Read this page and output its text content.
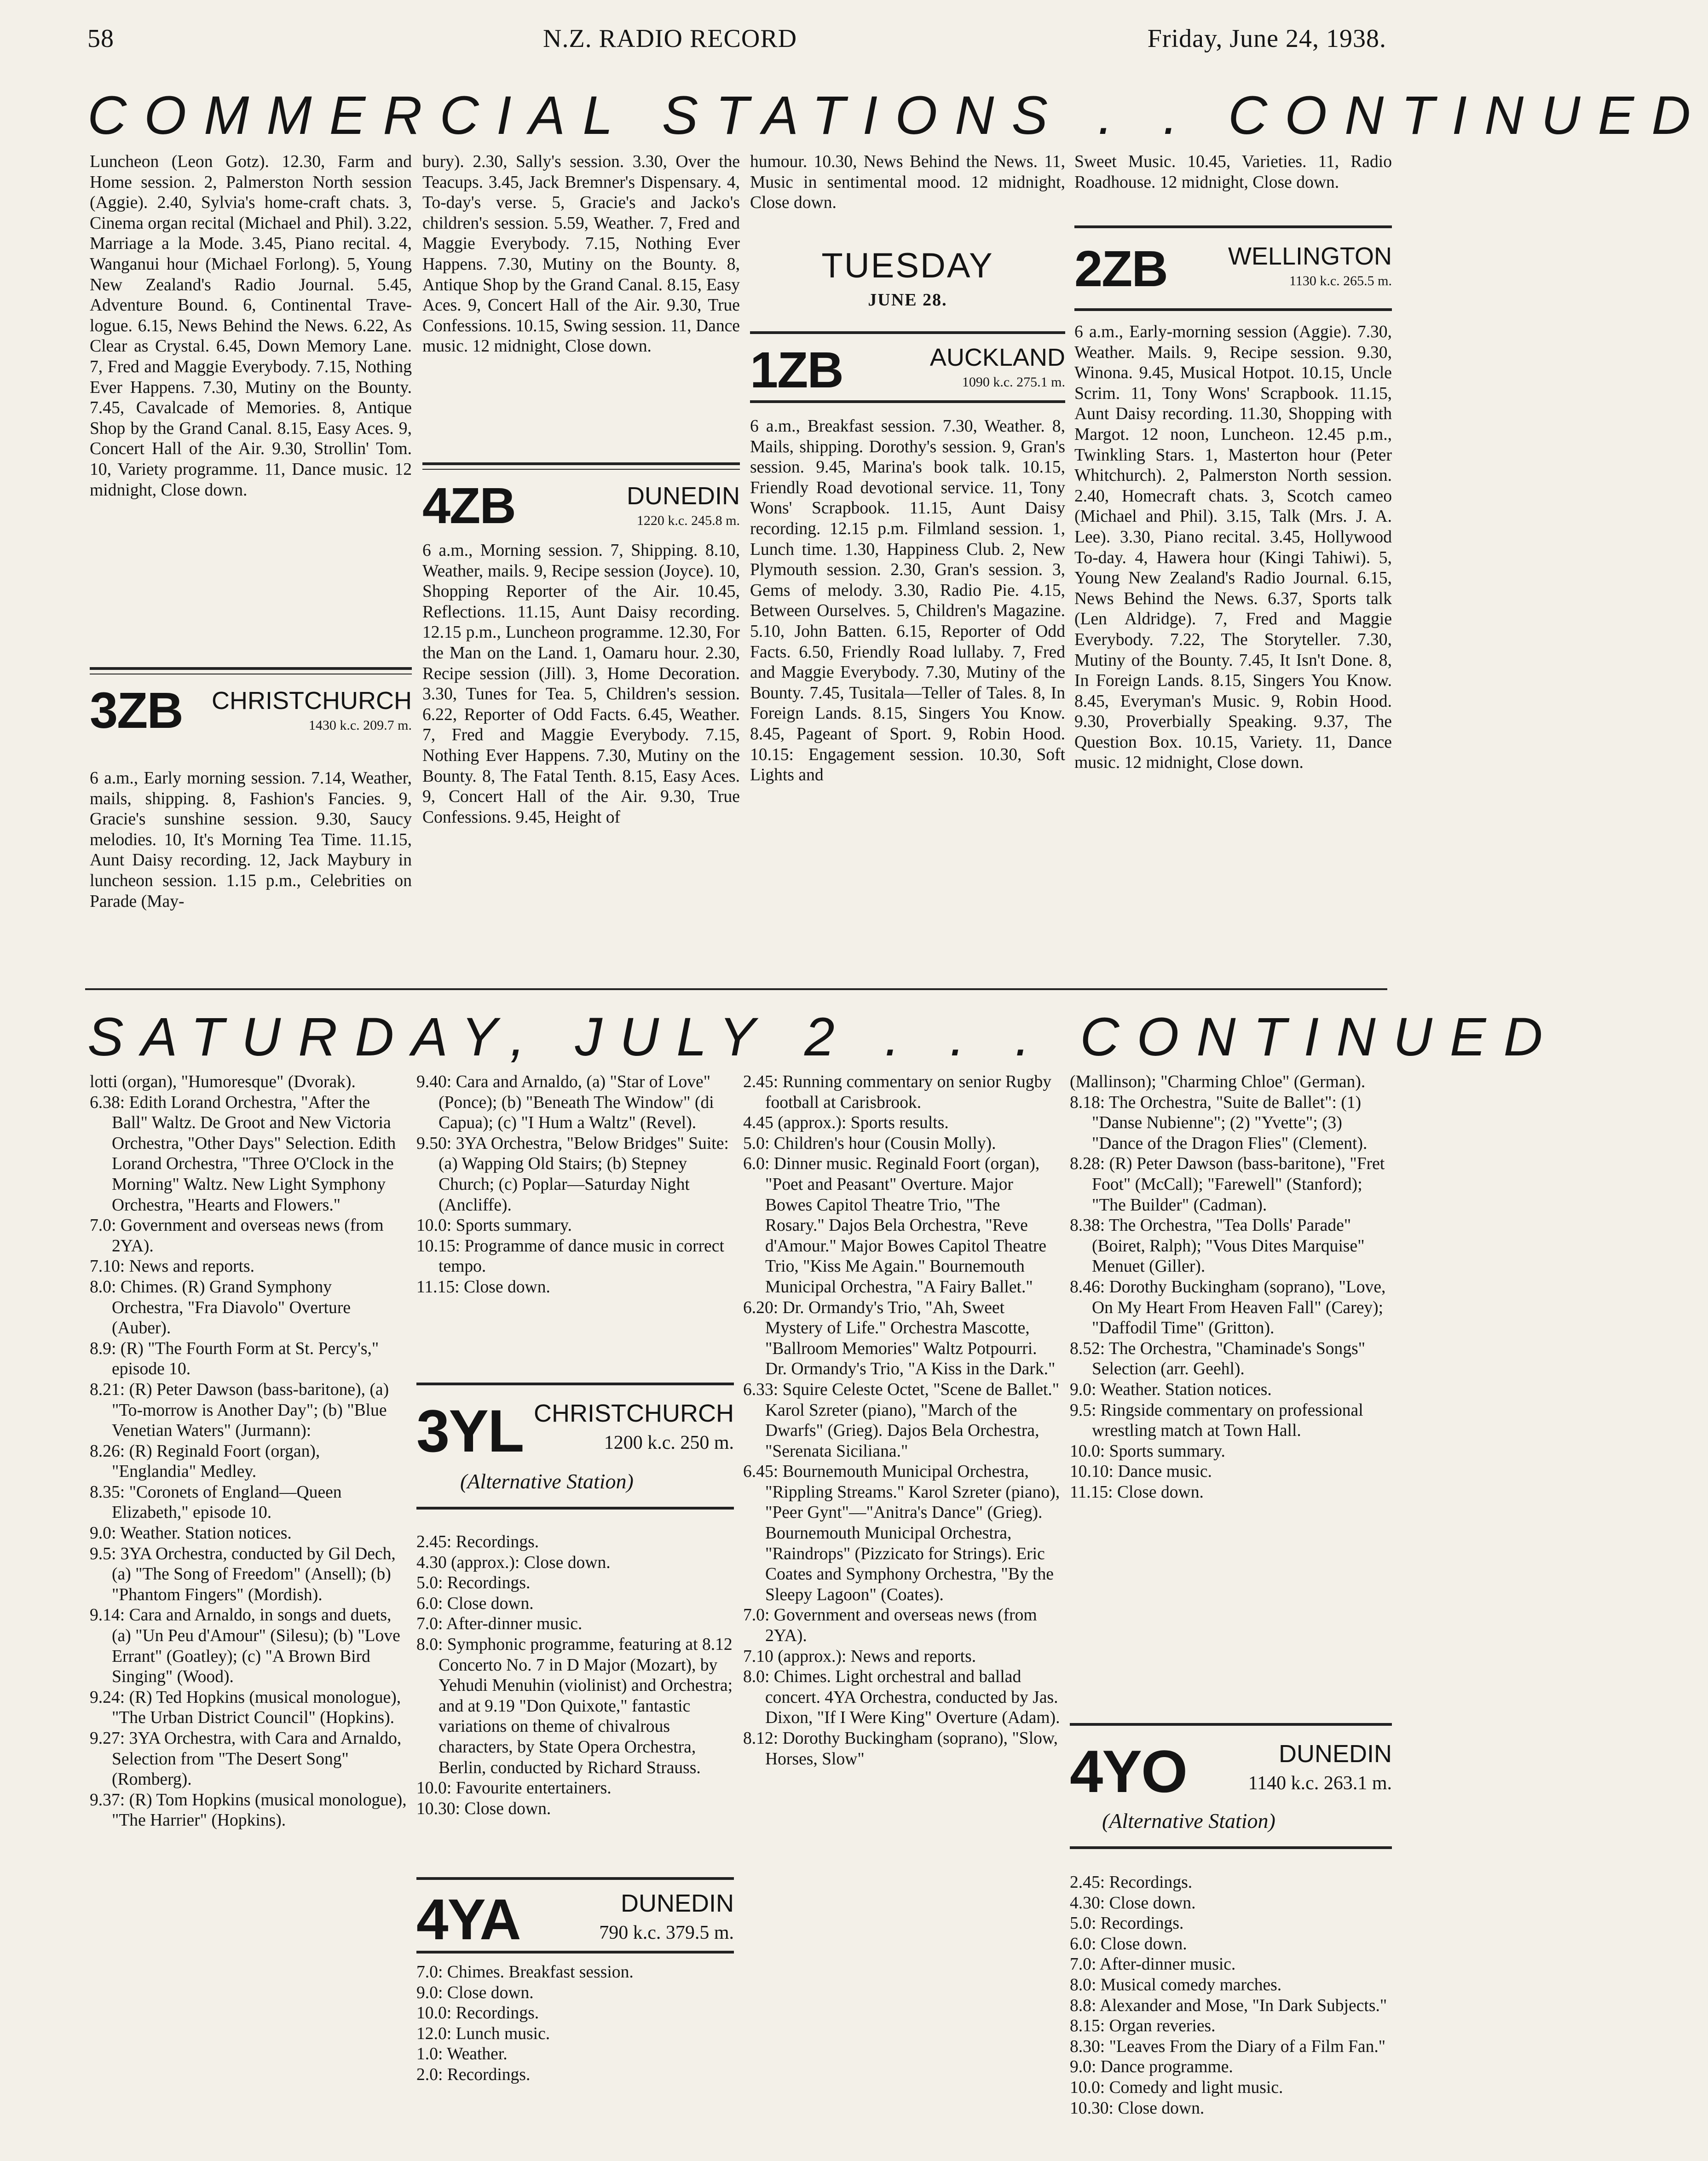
58	N.Z. RADIO RECORD	Friday, June 24, 1938.
COMMERCIAL STATIONS . . CONTINUED

Luncheon (Leon Gotz). 12.30, Farm and Home session. 2, Palmerston North session (Aggie). 2.40, Sylvia's home-craft chats. 3, Cinema organ recital (Michael and Phil). 3.22, Marriage a la Mode. 3.45, Piano recital. 4, Wanganui hour (Michael Forlong). 5, Young New Zealand's Radio Journal. 5.45, Adventure Bound. 6, Continental Trave-logue. 6.15, News Behind the News. 6.22, As Clear as Crystal. 6.45, Down Memory Lane. 7, Fred and Maggie Everybody. 7.15, Nothing Ever Happens. 7.30, Mutiny on the Bounty. 7.45, Cavalcade of Memories. 8, Antique Shop by the Grand Canal. 8.15, Easy Aces. 9, Concert Hall of the Air. 9.30, Strollin' Tom. 10, Variety programme. 11, Dance music. 12 midnight, Close down.

3ZB CHRISTCHURCH
1430 k.c. 209.7 m.

6 a.m., Early morning session. 7.14, Weather, mails, shipping. 8, Fashion's Fancies. 9, Gracie's sunshine session. 9.30, Saucy melodies. 10, It's Morning Tea Time. 11.15, Aunt Daisy recording. 12, Jack Maybury in luncheon session. 1.15 p.m., Celebrities on Parade (May-

bury). 2.30, Sally's session. 3.30, Over the Teacups. 3.45, Jack Bremner's Dispensary. 4, To-day's verse. 5, Gracie's and Jacko's children's session. 5.59, Weather. 7, Fred and Maggie Everybody. 7.15, Nothing Ever Happens. 7.30, Mutiny on the Bounty. 8, Antique Shop by the Grand Canal. 8.15, Easy Aces. 9, Concert Hall of the Air. 9.30, True Confessions. 10.15, Swing session. 11, Dance music. 12 midnight, Close down.

4ZB	DUNEDIN
1220 k.c. 245.8 m.

6 a.m., Morning session. 7, Shipping. 8.10, Weather, mails. 9, Recipe session (Joyce). 10, Shopping Reporter of the Air. 10.45, Reflections. 11.15, Aunt Daisy recording. 12.15 p.m., Luncheon programme. 12.30, For the Man on the Land. 1, Oamaru hour. 2.30, Recipe session (Jill). 3, Home Decoration. 3.30, Tunes for Tea. 5, Children's session. 6.22, Reporter of Odd Facts. 6.45, Weather. 7, Fred and Maggie Everybody. 7.15, Nothing Ever Happens. 7.30, Mutiny on the Bounty. 8, The Fatal Tenth. 8.15, Easy Aces. 9, Concert Hall of the Air. 9.30, True Confessions. 9.45, Height of

humour. 10.30, News Behind the News. 11, Music in sentimental mood. 12 midnight, Close down.

TUESDAY
JUNE 28.
1ZB	AUCKLAND
1090 k.c. 275.1 m.

6 a.m., Breakfast session. 7.30, Weather. 8, Mails, shipping. Dorothy's session. 9, Gran's session. 9.45, Marina's book talk. 10.15, Friendly Road devotional service. 11, Tony Wons' Scrapbook. 11.15, Aunt Daisy recording. 12.15 p.m. Filmland session. 1, Lunch time. 1.30, Happiness Club. 2, New Plymouth session. 2.30, Gran's session. 3, Gems of melody. 3.30, Radio Pie. 4.15, Between Ourselves. 5, Children's Magazine. 5.10, John Batten. 6.15, Reporter of Odd Facts. 6.50, Friendly Road lullaby. 7, Fred and Maggie Everybody. 7.30, Mutiny of the Bounty. 7.45, Tusitala—Teller of Tales. 8, In Foreign Lands. 8.15, Singers You Know. 8.45, Pageant of Sport. 9, Robin Hood. 10.15: Engagement session. 10.30, Soft Lights and

Sweet Music. 10.45, Varieties. 11, Radio Roadhouse. 12 midnight, Close down.

2ZB WELLINGTON
1130 k.c. 265.5 m.

6 a.m., Early-morning session (Aggie). 7.30, Weather. Mails. 9, Recipe session. 9.30, Winona. 9.45, Musical Hotpot. 10.15, Uncle Scrim. 11, Tony Wons' Scrapbook. 11.15, Aunt Daisy recording. 11.30, Shopping with Margot. 12 noon, Luncheon. 12.45 p.m., Twinkling Stars. 1, Masterton hour (Peter Whitchurch). 2, Palmerston North session. 2.40, Homecraft chats. 3, Scotch cameo (Michael and Phil). 3.15, Talk (Mrs. J. A. Lee). 3.30, Piano recital. 3.45, Hollywood To-day. 4, Hawera hour (Kingi Tahiwi). 5, Young New Zealand's Radio Journal. 6.15, News Behind the News. 6.37, Sports talk (Len Aldridge). 7, Fred and Maggie Everybody. 7.22, The Storyteller. 7.30, Mutiny of the Bounty. 7.45, It Isn't Done. 8, In Foreign Lands. 8.15, Singers You Know. 8.45, Everyman's Music. 9, Robin Hood. 9.30, Proverbially Speaking. 9.37, The Question Box. 10.15, Variety. 11, Dance music. 12 midnight, Close down.

SATURDAY, JULY 2 . . . CONTINUED

lotti (organ), "Humoresque" (Dvorak).

6.38: Edith Lorand Orchestra, "After the Ball" Waltz. De Groot and New Victoria Orchestra, "Other Days" Selection. Edith Lorand Orchestra, "Three O'Clock in the Morning" Waltz. New Light Symphony Orchestra, "Hearts and Flowers."

7.0: Government and overseas news (from 2YA).

7.10: News and reports.

8.0: Chimes. (R) Grand Symphony Orchestra, "Fra Diavolo" Overture (Auber).

8.9: (R) "The Fourth Form at St. Percy's," episode 10.

8.21: (R) Peter Dawson (bass-baritone), (a) "To-morrow is Another Day"; (b) "Blue Venetian Waters" (Jurmann):

8.26: (R) Reginald Foort (organ), "Englandia" Medley.

8.35: "Coronets of England—Queen Elizabeth," episode 10.

9.0: Weather. Station notices.

9.5: 3YA Orchestra, conducted by Gil Dech, (a) "The Song of Freedom" (Ansell); (b) "Phantom Fingers" (Mordish).

9.14: Cara and Arnaldo, in songs and duets, (a) "Un Peu d'Amour" (Silesu); (b) "Love Errant" (Goatley); (c) "A Brown Bird Singing" (Wood).

9.24: (R) Ted Hopkins (musical monologue), "The Urban District Council" (Hopkins).

9.27: 3YA Orchestra, with Cara and Arnaldo, Selection from "The Desert Song" (Romberg).

9.37: (R) Tom Hopkins (musical monologue), "The Harrier" (Hopkins).

9.40: Cara and Arnaldo, (a) "Star of Love" (Ponce); (b) "Beneath The Window" (di Capua); (c) "I Hum a Waltz" (Revel).

9.50: 3YA Orchestra, "Below Bridges" Suite: (a) Wapping Old Stairs; (b) Stepney Church; (c) Poplar—Saturday Night (Ancliffe).

10.0: Sports summary.

10.15: Programme of dance music in correct tempo.

11.15: Close down.

3YL CHRISTCHURCH
1200 k.c. 250 m.
(Alternative Station)

2.45: Recordings.

4.30 (approx.): Close down.

5.0: Recordings.

6.0: Close down.

7.0: After-dinner music.

8.0: Symphonic programme, featuring at 8.12 Concerto No. 7 in D Major (Mozart), by Yehudi Menuhin (violinist) and Orchestra; and at 9.19 "Don Quixote," fantastic variations on theme of chivalrous characters, by State Opera Orchestra, Berlin, conducted by Richard Strauss.

10.0: Favourite entertainers.

10.30: Close down.

4YA	DUNEDIN
790 k.c. 379.5 m.

7.0: Chimes. Breakfast session.

9.0: Close down.

10.0: Recordings.

12.0: Lunch music.

1.0: Weather.

2.0: Recordings.

2.45: Running commentary on senior Rugby football at Carisbrook.

4.45 (approx.): Sports results.

5.0: Children's hour (Cousin Molly).

6.0: Dinner music. Reginald Foort (organ), "Poet and Peasant" Overture. Major Bowes Capitol Theatre Trio, "The Rosary." Dajos Bela Orchestra, "Reve d'Amour." Major Bowes Capitol Theatre Trio, "Kiss Me Again." Bournemouth Municipal Orchestra, "A Fairy Ballet."

6.20: Dr. Ormandy's Trio, "Ah, Sweet Mystery of Life." Orchestra Mascotte, "Ballroom Memories" Waltz Potpourri. Dr. Ormandy's Trio, "A Kiss in the Dark."

6.33: Squire Celeste Octet, "Scene de Ballet." Karol Szreter (piano), "March of the Dwarfs" (Grieg). Dajos Bela Orchestra, "Serenata Siciliana."

6.45: Bournemouth Municipal Orchestra, "Rippling Streams." Karol Szreter (piano), "Peer Gynt"—"Anitra's Dance" (Grieg). Bournemouth Municipal Orchestra, "Raindrops" (Pizzicato for Strings). Eric Coates and Symphony Orchestra, "By the Sleepy Lagoon" (Coates).

7.0: Government and overseas news (from 2YA).

7.10 (approx.): News and reports.

8.0: Chimes. Light orchestral and ballad concert. 4YA Orchestra, conducted by Jas. Dixon, "If I Were King" Overture (Adam).

8.12: Dorothy Buckingham (soprano), "Slow, Horses, Slow"

(Mallinson); "Charming Chloe" (German).

8.18: The Orchestra, "Suite de Ballet": (1) "Danse Nubienne"; (2) "Yvette"; (3) "Dance of the Dragon Flies" (Clement).

8.28: (R) Peter Dawson (bass-baritone), "Fret Foot" (McCall); "Farewell" (Stanford); "The Builder" (Cadman).

8.38: The Orchestra, "Tea Dolls' Parade" (Boiret, Ralph); "Vous Dites Marquise" Menuet (Giller).

8.46: Dorothy Buckingham (soprano), "Love, On My Heart From Heaven Fall" (Carey); "Daffodil Time" (Gritton).

8.52: The Orchestra, "Chaminade's Songs" Selection (arr. Geehl).

9.0: Weather. Station notices.

9.5: Ringside commentary on professional wrestling match at Town Hall.

10.0: Sports summary.

10.10: Dance music.

11.15: Close down.

4YO	DUNEDIN
1140 k.c. 263.1 m.
(Alternative Station)

2.45: Recordings.

4.30: Close down.

5.0: Recordings.

6.0: Close down.

7.0: After-dinner music.

8.0: Musical comedy marches.

8.8: Alexander and Mose, "In Dark Subjects."

8.15: Organ reveries.

8.30: "Leaves From the Diary of a Film Fan."

9.0: Dance programme.

10.0: Comedy and light music.

10.30: Close down.
